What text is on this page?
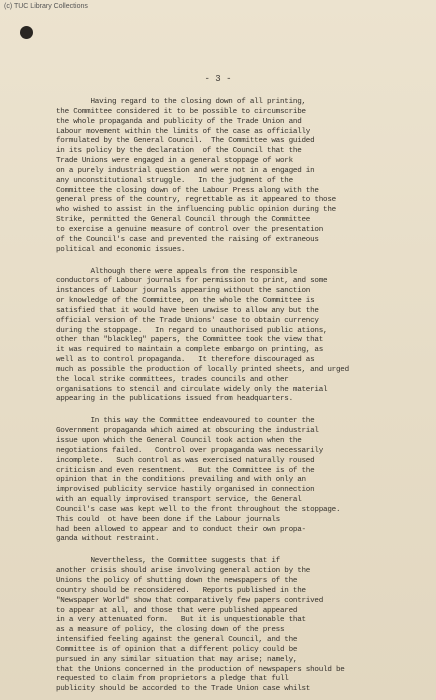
(c) TUC Library Collections
- 3 -
Having regard to the closing down of all printing,
the Committee considered it to be possible to circumscribe
the whole propaganda and publicity of the Trade Union and
Labour movement within the limits of the case as officially
formulated by the General Council.  The Committee was guided
in its policy by the declaration  of the Council that the
Trade Unions were engaged in a general stoppage of work
on a purely industrial question and were not in a engaged in
any unconstitutional struggle.   In the judgment of the
Committee the closing down of the Labour Press along with the
general press of the country, regrettable as it appeared to those
who wished to assist in the influencing public opinion during the
Strike, permitted the General Council through the Committee
to exercise a genuine measure of control over the presentation
of the Council's case and prevented the raising of extraneous
political and economic issues.
Although there were appeals from the responsible
conductors of Labour journals for permission to print, and some
instances of Labour journals appearing without the sanction
or knowledge of the Committee, on the whole the Committee is
satisfied that it would have been unwise to allow any but the
official version of the Trade Unions' case to obtain currency
during the stoppage.   In regard to unauthorised public ations,
other than "blackleg" papers, the Committee took the view that
it was required to maintain a complete embargo on printing, as
well as to control propaganda.   It therefore discouraged as
much as possible the production of locally printed sheets, and urged
the local strike committees, trades councils and other
organisations to stencil and circulate widely only the material
appearing in the publications issued from headquarters.
In this way the Committee endeavoured to counter the
Government propaganda which aimed at obscuring the industrial
issue upon which the General Council took action when the
negotiations failed.   Control over propaganda was necessarily
incomplete.   Such control as was exercised naturally roused
criticism and even resentment.   But the Committee is of the
opinion that in the conditions prevailing and with only an
improvised publicity service hastily organised in connection
with an equally improvised transport service, the General
Council's case was kept well to the front throughout the stoppage.
This could  ot have been done if the Labour journals
had been allowed to appear and to conduct their own propa-
ganda without restraint.
Nevertheless, the Committee suggests that if
another crisis should arise involving general action by the
Unions the policy of shutting down the newspapers of the
country should be reconsidered.   Reports published in the
"Newspaper World" show that comparatively few papers contrived
to appear at all, and those that were published appeared
in a very attenuated form.   But it is unquestionable that
as a measure of policy, the closing down of the press
intensified feeling against the general Council, and the
Committee is of opinion that a different policy could be
pursued in any similar situation that may arise; namely,
that the Unions concerned in the production of newspapers should be
requested to claim from proprietors a pledge that full
publicity should be accorded to the Trade Union case whilst
